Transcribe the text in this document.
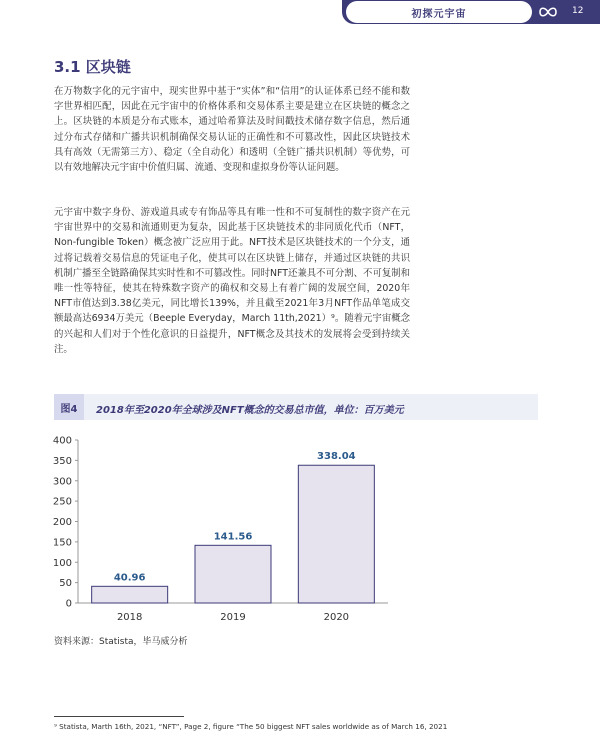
初探元宇宙	12
3.1 区块链

在万物数字化的元宇宙中，现实世界中基于“实体”和“信用”的认证体系已经不能和数字世界相匹配，因此在元宇宙中的价格体系和交易体系主要是建立在区块链的概念之上。区块链的本质是分布式账本，通过哈希算法及时间戳技术储存数字信息，然后通过分布式存储和广播共识机制确保交易认证的正确性和不可篡改性，因此区块链技术具有高效（无需第三方）、稳定（全自动化）和透明（全链广播共识机制）等优势，可以有效地解决元宇宙中价值归属、流通、变现和虚拟身份等认证问题。

元宇宙中数字身份、游戏道具或专有饰品等具有唯一性和不可复制性的数字资产在元宇宙世界中的交易和流通则更为复杂，因此基于区块链技术的非同质化代币（NFT，Non-fungible Token）概念被广泛应用于此。NFT技术是区块链技术的一个分支，通过将记载着交易信息的凭证电子化，使其可以在区块链上储存，并通过区块链的共识机制广播至全链路确保其实时性和不可篡改性。同时NFT还兼具不可分割、不可复制和唯一性等特征，使其在特殊数字资产的确权和交易上有着广阔的发展空间，2020年NFT市值达到3.38亿美元，同比增长139%，并且截至2021年3月NFT作品单笔成交额最高达6934万美元（Beeple Everyday，March 11th,2021）⁹。随着元宇宙概念的兴起和人们对于个性化意识的日益提升，NFT概念及其技术的发展将会受到持续关注。

图4	2018年至2020年全球涉及NFT概念的交易总市值，单位：百万美元
0
50
100
150
200
250
300
350
400
40.96
2018
141.56
2019
338.04
2020
资料来源：Statista，毕马威分析
⁹ Statista, Marth 16th, 2021, “NFT”, Page 2, figure “The 50 biggest NFT sales worldwide as of March 16, 2021
